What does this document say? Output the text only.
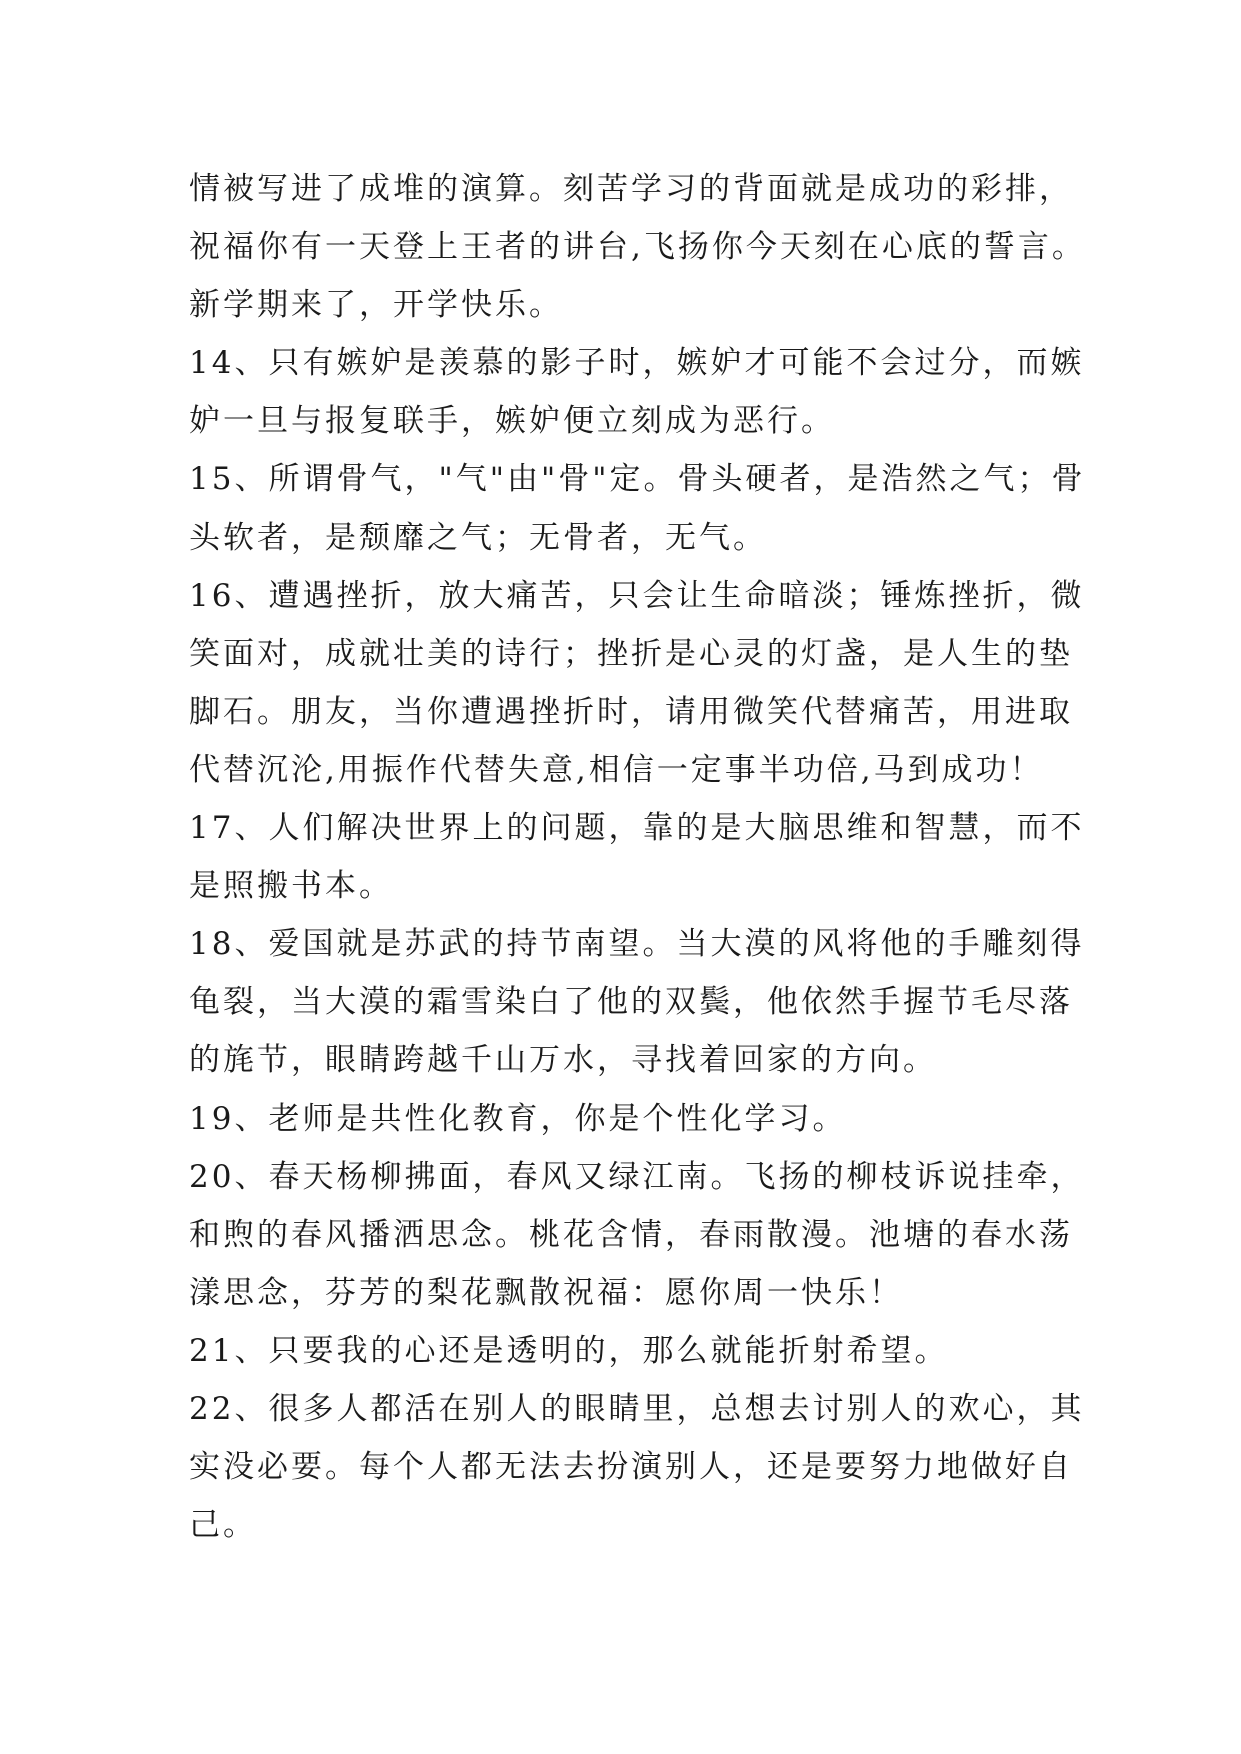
情被写进了成堆的演算。刻苦学习的背面就是成功的彩排，
祝福你有一天登上王者的讲台,飞扬你今天刻在心底的誓言。
新学期来了，开学快乐。
14、只有嫉妒是羡慕的影子时，嫉妒才可能不会过分，而嫉
妒一旦与报复联手，嫉妒便立刻成为恶行。
15、所谓骨气，"气"由"骨"定。骨头硬者，是浩然之气；骨
头软者，是颓靡之气；无骨者，无气。
16、遭遇挫折，放大痛苦，只会让生命暗淡；锤炼挫折，微
笑面对，成就壮美的诗行；挫折是心灵的灯盏，是人生的垫
脚石。朋友，当你遭遇挫折时，请用微笑代替痛苦，用进取
代替沉沦,用振作代替失意,相信一定事半功倍,马到成功！
17、人们解决世界上的问题，靠的是大脑思维和智慧，而不
是照搬书本。
18、爱国就是苏武的持节南望。当大漠的风将他的手雕刻得
龟裂，当大漠的霜雪染白了他的双鬓，他依然手握节毛尽落
的旄节，眼睛跨越千山万水，寻找着回家的方向。
19、老师是共性化教育，你是个性化学习。
20、春天杨柳拂面，春风又绿江南。飞扬的柳枝诉说挂牵，
和煦的春风播洒思念。桃花含情，春雨散漫。池塘的春水荡
漾思念，芬芳的梨花飘散祝福：愿你周一快乐！
21、只要我的心还是透明的，那么就能折射希望。
22、很多人都活在别人的眼睛里，总想去讨别人的欢心，其
实没必要。每个人都无法去扮演别人，还是要努力地做好自
己。
